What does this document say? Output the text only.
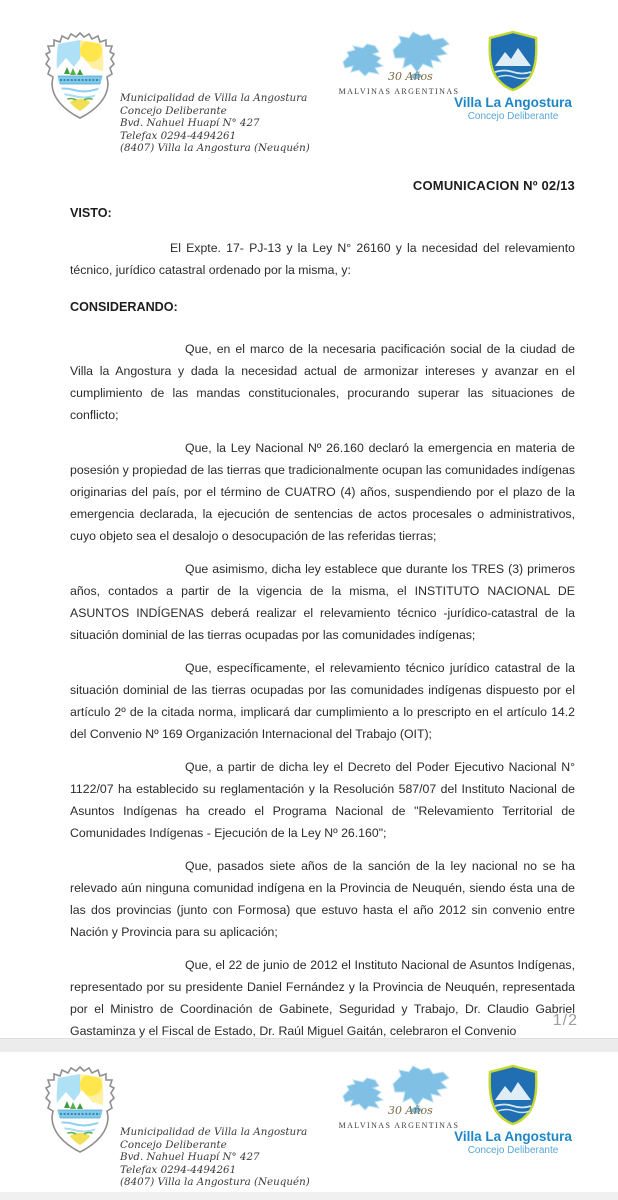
Municipalidad de Villa la Angostura
Concejo Deliberante
Bvd. Nahuel Huapí N° 427
Telefax 0294-4494261
(8407) Villa la Angostura (Neuquén)
30 Años
MALVINAS ARGENTINAS
Villa La Angostura
Concejo Deliberante
COMUNICACION Nº 02/13
VISTO:

El Expte. 17- PJ-13 y la Ley N° 26160 y la necesidad del relevamiento técnico, jurídico catastral ordenado por la misma, y:

CONSIDERANDO:

Que, en el marco de la necesaria pacificación social de la ciudad de Villa la Angostura y dada la necesidad actual de armonizar intereses y avanzar en el cumplimiento de las mandas constitucionales, procurando superar las situaciones de conflicto;

Que, la Ley Nacional Nº 26.160 declaró la emergencia en materia de posesión y propiedad de las tierras que tradicionalmente ocupan las comunidades indígenas originarias del país, por el término de CUATRO (4) años, suspendiendo por el plazo de la emergencia declarada, la ejecución de sentencias de actos procesales o administrativos, cuyo objeto sea el desalojo o desocupación de las referidas tierras;

Que asimismo, dicha ley establece que durante los TRES (3) primeros años, contados a partir de la vigencia de la misma, el INSTITUTO NACIONAL DE ASUNTOS INDÍGENAS deberá realizar el relevamiento técnico -jurídico-catastral de la situación dominial de las tierras ocupadas por las comunidades indígenas;

Que, específicamente, el relevamiento técnico jurídico catastral de la situación dominial de las tierras ocupadas por las comunidades indígenas dispuesto por el artículo 2º de la citada norma, implicará dar cumplimiento a lo prescripto en el artículo 14.2 del Convenio Nº 169 Organización Internacional del Trabajo (OIT);

Que, a partir de dicha ley el Decreto del Poder Ejecutivo Nacional N° 1122/07 ha establecido su reglamentación y la Resolución 587/07 del Instituto Nacional de Asuntos Indígenas ha creado el Programa Nacional de "Relevamiento Territorial de Comunidades Indígenas - Ejecución de la Ley Nº 26.160";

Que, pasados siete años de la sanción de la ley nacional no se ha relevado aún ninguna comunidad indígena en la Provincia de Neuquén, siendo ésta una de las dos provincias (junto con Formosa) que estuvo hasta el año 2012 sin convenio entre Nación y Provincia para su aplicación;

Que, el 22 de junio de 2012 el Instituto Nacional de Asuntos Indígenas, representado por su presidente Daniel Fernández y la Provincia de Neuquén, representada por el Ministro de Coordinación de Gabinete, Seguridad y Trabajo, Dr. Claudio Gabriel Gastaminza y el Fiscal de Estado, Dr. Raúl Miguel Gaitán, celebraron el Convenio

1/2
Municipalidad de Villa la Angostura
Concejo Deliberante
Bvd. Nahuel Huapí N° 427
Telefax 0294-4494261
(8407) Villa la Angostura (Neuquén)
30 Años
MALVINAS ARGENTINAS
Villa La Angostura
Concejo Deliberante
